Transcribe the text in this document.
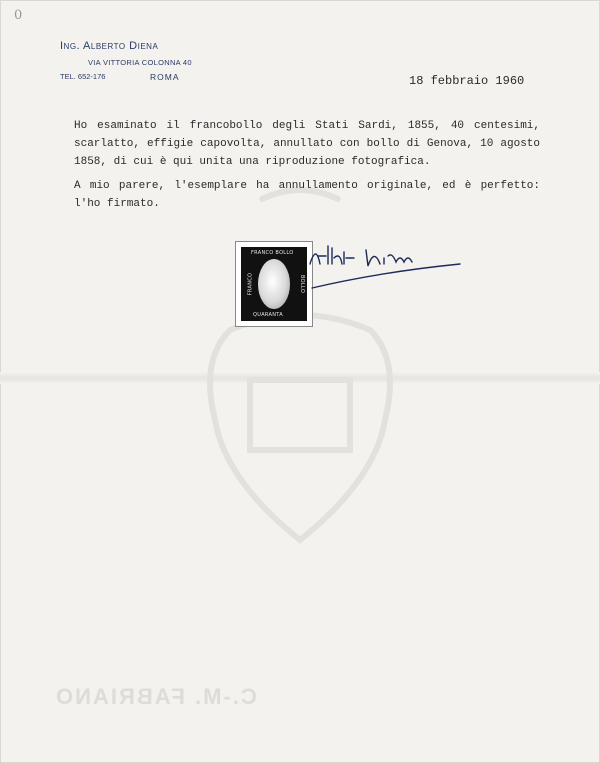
0
Ing. Alberto Diena
VIA VITTORIA COLONNA 40
TEL. 652-176	ROMA	18 febbraio 1960

Ho esaminato il francobollo degli Stati Sardi, 1855, 40 centesimi, scarlatto, effigie capovolta, annullato con bollo di Genova, 10 agosto 1858, di cui è qui unita una riproduzione fotografica.

A mio parere, l'esemplare ha annullamento originale, ed è perfetto: l'ho firmato.

FRANCO BOLLO
QUARANTA
FRANCO	BOLLO
C.-M. FABRIANO
